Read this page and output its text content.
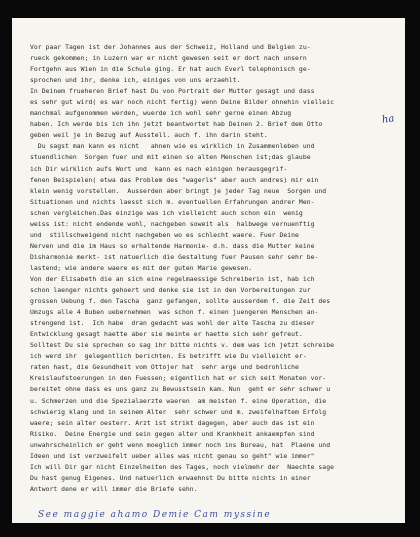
Vor paar Tagen ist der Johannes aus der Schweiz, Holland und Belgien zu-
rueck gekommen; in Luzern war er nicht gewesen seit er dort nach unsern
Fortgehn aus Wien in die Schule ging. Er hat auch Everl telephonisch ge-
sprochen und ihr, denke ich, einiges von uns erzaehlt.
In Deinem frueheren Brief hast Du von Portrait der Mutter gesagt und dass
es sehr gut wird( es war noch nicht fertig) wenn Deine Bilder ohnehin vielleic
manchmal aufgenommen werden, wuerde ich wohl sehr gerne einen Abzug
haben. Ich werde bis ich ihn jetzt beantwortet hab Deinen 2. Brief dem Otto
geben weil je in Bezug auf Ausstell. auch f. ihn darin steht.
Du sagst man kann es nicht   ahnen wie es wirklich in Zusammenleben und
stuendlichen  Sorgen fuer und mit einen so alten Menschen ist;das glaube
ich Dir wirklich aufs Wort und  kann es nach einigen herausgegrif-
fenen Beispielen( etwa das Problem des "wagerls" aber auch andres) mir ein
klein wenig vorstellen.  Ausserden aber bringt je jeder Tag neue  Sorgen und
Situationen und nichts laesst sich m. eventuellen Erfahrungen andrer Men-
schen vergleichen.Das einzige was ich vielleicht auch schon ein  wenig
weiss ist: nicht endende wohl, nachgeben soweit als  halbwege vernuenftig
und  stillschweigend nicht nachgeben wo es schlecht waere. Fuer Deine
Nerven und die im Haus so erhaltende Harmonie- d.h. dass die Mutter keine
Disharmonie merkt- ist natuerlich die Gestaltung fuer Pausen sehr sehr be-
lastend; wie andere waere es mit der guten Marie gewesen.
Von der Elisabeth die an sich eine regelmaessige Schreiberin ist, hab ich
schon laenger nichts gehoert und denke sie ist in den Vorbereitungen zur
grossen Uebung f. den Tascha  ganz gefangen, sollte ausserdem f. die Zeit des
Umzugs alle 4 Buben uebernehmen  was schon f. einen juengeren Menschen an-
strengend ist.  Ich habe  dran gedacht was wohl der alte Tascha zu dieser
Entwicklung gesagt haette aber sie meinte er haette sich sehr gefreut.
Solltest Du sie sprechen so sag ihr bitte nichts v. dem was ich jetzt schreibe
ich werd ihr  gelegentlich berichten. Es betrifft wie Du vielleicht er-
raten hast, die Gesundheit vom Ottojer hat  sehr arge und bedrohliche
Kreislaufstoerungen in den Fuessen; eigentlich hat er sich seit Monaten vor-
bereitet ohne dass es uns ganz zu Bewusstsein kam. Nun  geht er sehr schwer u
u. Schmerzen und die Spezialaerzte waeren  am meisten f. eine Operation, die
schwierig klang und in seinem Alter  sehr schwer und m. zweifelhaftem Erfolg
waere; sein alter oesterr. Arzt ist strikt dagegen, aber auch das ist ein
Risiko.  Deine Energie und sein gegen alter und Krankheit ankaempfen sind
unwahrscheinlich er geht wenn moeglich immer noch ins Bureau, hat  Plaene und
Ideen und ist verzweifelt ueber alles was nicht genau so geht" wie immer"
Ich will Dir gar nicht Einzelheiten des Tages, noch vielmehr der  Naechte sage
Du hast genug Eigenes. Und natuerlich erwaehnst Du bitte nichts in einer
Antwort dene er will immer die Briefe sehn.
ha
See maggie ahamo Demie Cam myssine
